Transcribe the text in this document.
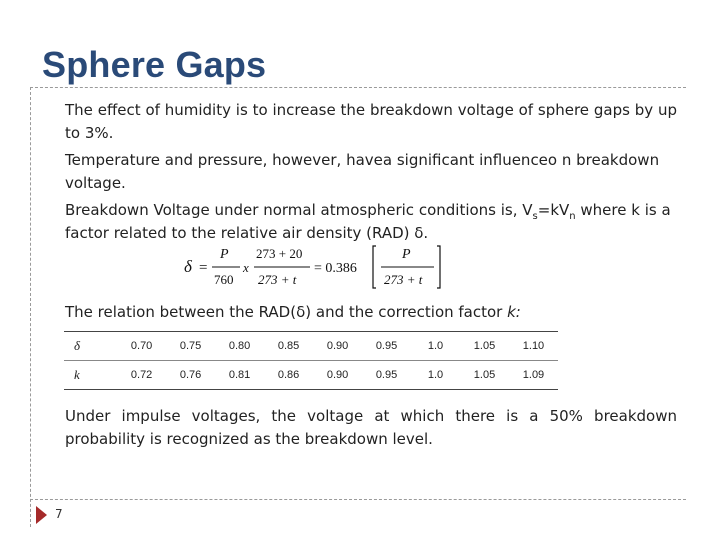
Sphere Gaps
The effect of humidity is to increase the breakdown voltage of sphere gaps by up to 3%.
Temperature and pressure, however, havea significant influenceo n breakdown voltage.
Breakdown Voltage under normal atmospheric conditions is, $V_s=kV_n$ where k is a factor related to the relative air density (RAD) δ.
δ =
P
760
x
273 + 20
273 + t
= 0.386
P
273 + t
The relation between the RAD(δ) and the correction factor k:
δ	0.70	0.75	0.80	0.85	0.90	0.95	1.0	1.05	1.10
k	0.72	0.76	0.81	0.86	0.90	0.95	1.0	1.05	1.09
Under impulse voltages, the voltage at which there is a 50% breakdown probability is recognized as the breakdown level.
7
